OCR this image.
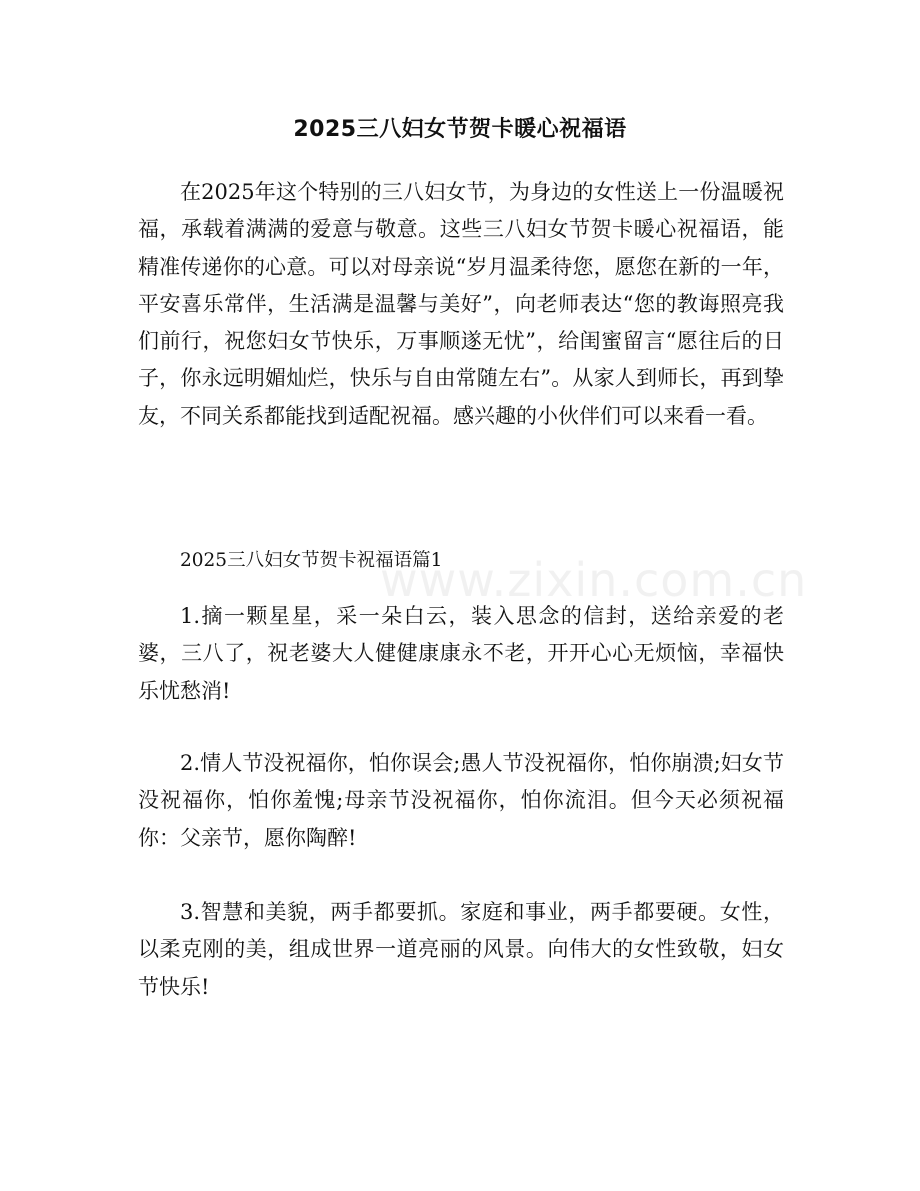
2025三八妇女节贺卡暖心祝福语

在2025年这个特别的三八妇女节，为身边的女性送上一份温暖祝福，承载着满满的爱意与敬意。这些三八妇女节贺卡暖心祝福语，能精准传递你的心意。可以对母亲说“岁月温柔待您，愿您在新的一年，平安喜乐常伴，生活满是温馨与美好”，向老师表达“您的教诲照亮我们前行，祝您妇女节快乐，万事顺遂无忧”，给闺蜜留言“愿往后的日子，你永远明媚灿烂，快乐与自由常随左右”。从家人到师长，再到挚友，不同关系都能找到适配祝福。感兴趣的小伙伴们可以来看一看。

2025三八妇女节贺卡祝福语篇1

1.摘一颗星星，采一朵白云，装入思念的信封，送给亲爱的老婆，三八了，祝老婆大人健健康康永不老，开开心心无烦恼，幸福快乐忧愁消!

2.情人节没祝福你，怕你误会;愚人节没祝福你，怕你崩溃;妇女节没祝福你，怕你羞愧;母亲节没祝福你，怕你流泪。但今天必须祝福你：父亲节，愿你陶醉!

3.智慧和美貌，两手都要抓。家庭和事业，两手都要硬。女性，以柔克刚的美，组成世界一道亮丽的风景。向伟大的女性致敬，妇女节快乐!

www.zixin.com.cn
